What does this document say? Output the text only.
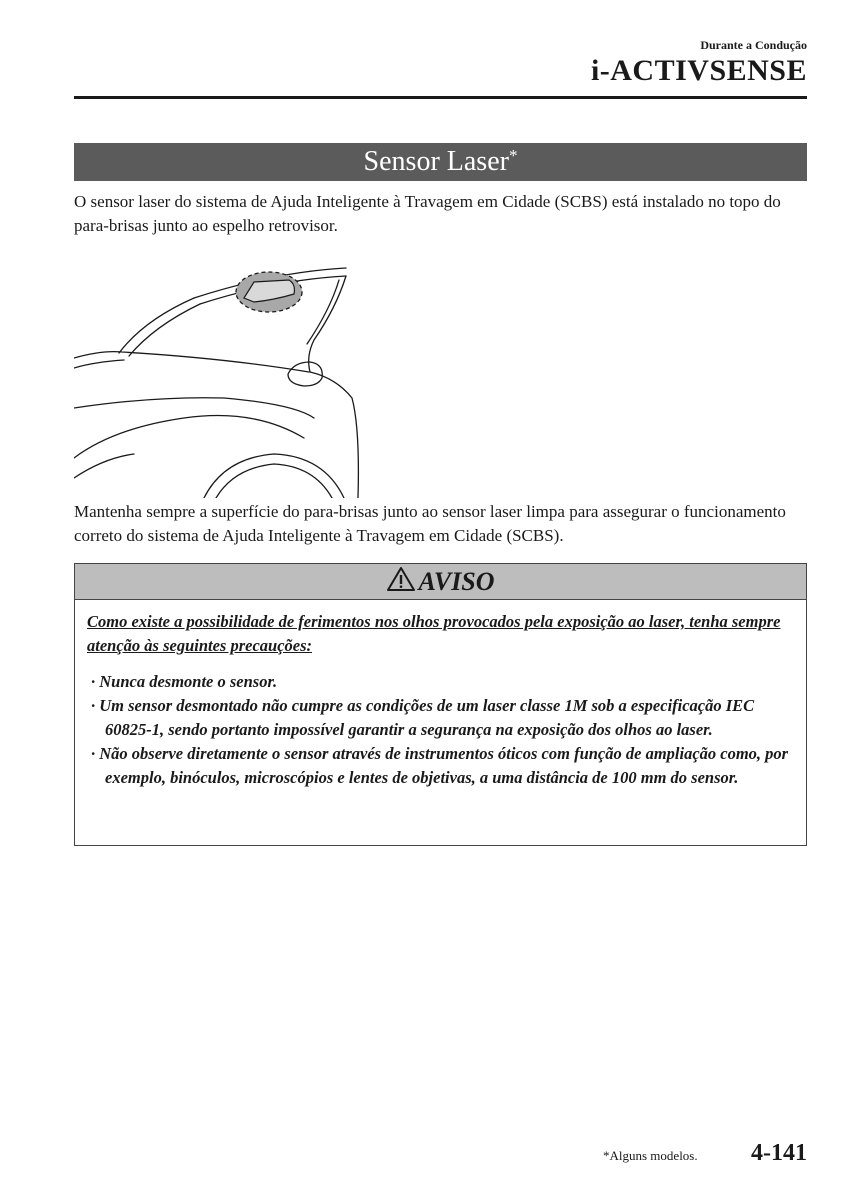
Durante a Condução
i-ACTIVSENSE
Sensor Laser*

O sensor laser do sistema de Ajuda Inteligente à Travagem em Cidade (SCBS) está instalado no topo do para-brisas junto ao espelho retrovisor.

Mantenha sempre a superfície do para-brisas junto ao sensor laser limpa para assegurar o funcionamento correto do sistema de Ajuda Inteligente à Travagem em Cidade (SCBS).

AVISO

Como existe a possibilidade de ferimentos nos olhos provocados pela exposição ao laser, tenha sempre atenção às seguintes precauções:

· Nunca desmonte o sensor.
· Um sensor desmontado não cumpre as condições de um laser classe 1M sob a especificação IEC 60825-1, sendo portanto impossível garantir a segurança na exposição dos olhos ao laser.
· Não observe diretamente o sensor através de instrumentos óticos com função de ampliação como, por exemplo, binóculos, microscópios e lentes de objetivas, a uma distância de 100 mm do sensor.
*Alguns modelos. 4-141
